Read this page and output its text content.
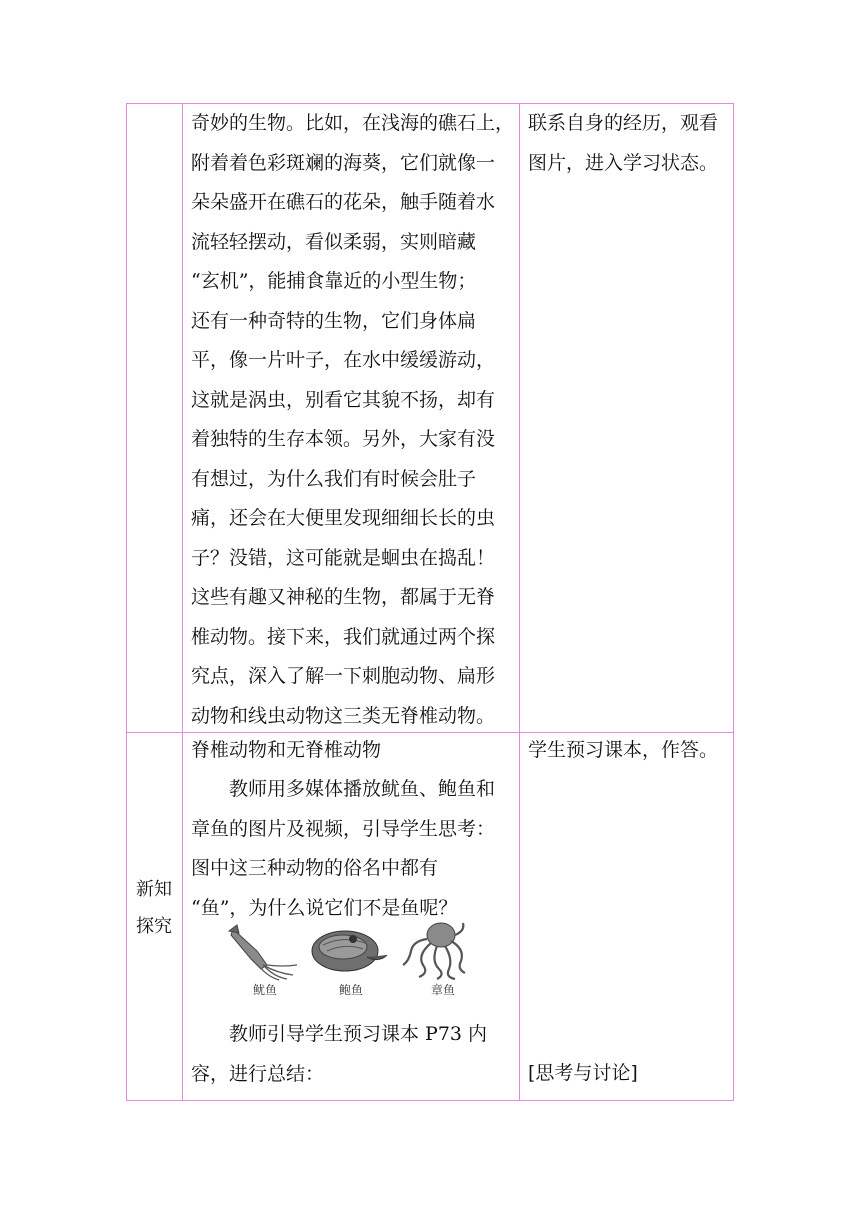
奇妙的生物。比如，在浅海的礁石上，
附着着色彩斑斓的海葵，它们就像一
朵朵盛开在礁石的花朵，触手随着水
流轻轻摆动，看似柔弱，实则暗藏
“玄机”，能捕食靠近的小型生物；
还有一种奇特的生物，它们身体扁
平，像一片叶子，在水中缓缓游动，
这就是涡虫，别看它其貌不扬，却有
着独特的生存本领。另外，大家有没
有想过，为什么我们有时候会肚子
痛，还会在大便里发现细细长长的虫
子？没错，这可能就是蛔虫在捣乱！
这些有趣又神秘的生物，都属于无脊
椎动物。接下来，我们就通过两个探
究点，深入了解一下刺胞动物、扁形
动物和线虫动物这三类无脊椎动物。
联系自身的经历，观看
图片，进入学习状态。
新知
探究
脊椎动物和无脊椎动物
教师用多媒体播放鱿鱼、鲍鱼和
章鱼的图片及视频，引导学生思考：
图中这三种动物的俗名中都有
“鱼”，为什么说它们不是鱼呢？
鱿鱼	鲍鱼	章鱼
教师引导学生预习课本 P73 内
容，进行总结：
学生预习课本，作答。
[思考与讨论]
